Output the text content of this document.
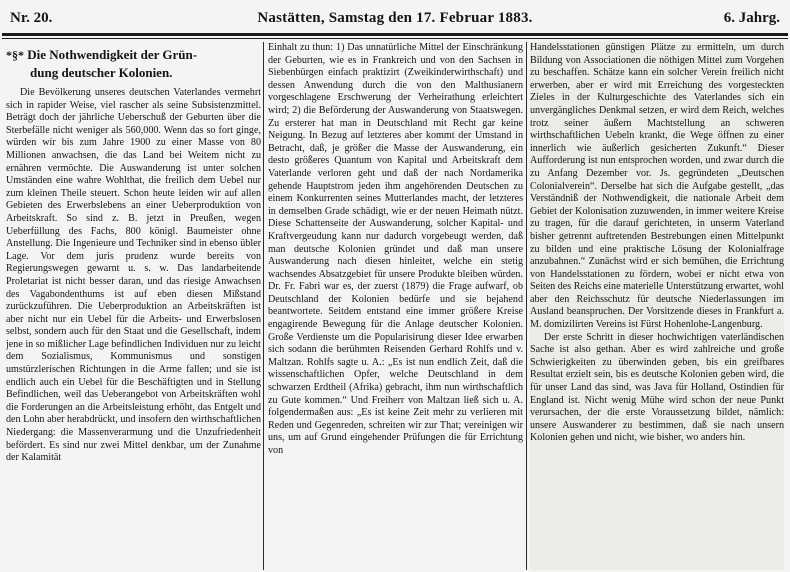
Nr. 20.	Nastätten, Samstag den 17. Februar 1883.	6. Jahrg.
*§* Die Nothwendigkeit der Grün-
dung deutscher Kolonien.

Die Bevölkerung unseres deutschen Vaterlandes vermehrt sich in rapider Weise, viel rascher als seine Subsistenzmittel. Beträgt doch der jährliche Ueberschuß der Geburten über die Sterbefälle nicht weniger als 560,000. Wenn das so fort ginge, würden wir bis zum Jahre 1900 zu einer Masse von 80 Millionen anwachsen, die das Land bei Weitem nicht zu ernähren vermöchte. Die Auswanderung ist unter solchen Umständen eine wahre Wohlthat, die freilich dem Uebel nur zum kleinen Theile steuert. Schon heute leiden wir auf allen Gebieten des Erwerbslebens an einer Ueberproduktion von Arbeitskraft. So sind z. B. jetzt in Preußen, wegen Ueberfüllung des Fachs, 800 königl. Baumeister ohne Anstellung. Die Ingenieure und Techniker sind in ebenso übler Lage. Vor dem juris prudenz wurde bereits von Regierungswegen gewarnt u. s. w. Das landarbeitende Proletariat ist nicht besser daran, und das riesige Anwachsen des Vagabondenthums ist auf eben diesen Mißstand zurückzuführen. Die Ueberproduktion an Arbeitskräften ist aber nicht nur ein Uebel für die Arbeits- und Erwerbslosen selbst, sondern auch für den Staat und die Gesellschaft, indem jene in so mißlicher Lage befindlichen Individuen nur zu leicht dem Sozialismus, Kommunismus und sonstigen umstürzlerischen Richtungen in die Arme fallen; und sie ist endlich auch ein Uebel für die Beschäftigten und in Stellung Befindlichen, weil das Ueberangebot von Arbeitskräften wohl die Forderungen an die Arbeitsleistung erhöht, das Entgelt und den Lohn aber herabdrückt, und insofern den wirthschaftlichen Niedergang: die Massenverarmung und die Unzufriedenheit befördert. Es sind nur zwei Mittel denkbar, um der Zunahme der Kalamität

Einhalt zu thun: 1) Das unnatürliche Mittel der Einschränkung der Geburten, wie es in Frankreich und von den Sachsen in Siebenbürgen einfach praktizirt (Zweikinderwirthschaft) und dessen Anwendung durch die von den Malthusianern vorgeschlagene Erschwerung der Verheirathung erleichtert wird; 2) die Beförderung der Auswanderung von Staatswegen. Zu ersterer hat man in Deutschland mit Recht gar keine Neigung. In Bezug auf letzteres aber kommt der Umstand in Betracht, daß, je größer die Masse der Auswanderung, ein desto größeres Quantum von Kapital und Arbeitskraft dem Vaterlande verloren geht und daß der nach Nordamerika gehende Hauptstrom jeden ihm angehörenden Deutschen zu einem Konkurrenten seines Mutterlandes macht, der letzteres in demselben Grade schädigt, wie er der neuen Heimath nützt. Diese Schattenseite der Auswanderung, solcher Kapital- und Kraftvergeudung kann nur dadurch vorgebeugt werden, daß man deutsche Kolonien gründet und daß man unsere Auswanderung nach diesen hinleitet, welche ein stetig wachsendes Absatzgebiet für unsere Produkte bleiben würden. Dr. Fr. Fabri war es, der zuerst (1879) die Frage aufwarf, ob Deutschland der Kolonien bedürfe und sie bejahend beantwortete. Seitdem entstand eine immer größere Kreise engagirende Bewegung für die Anlage deutscher Kolonien. Große Verdienste um die Popularisirung dieser Idee erwarben sich sodann die berühmten Reisenden Gerhard Rohlfs und v. Maltzan. Rohlfs sagte u. A.: „Es ist nun endlich Zeit, daß die wissenschaftlichen Opfer, welche Deutschland in dem schwarzen Erdtheil (Afrika) gebracht, ihm nun wirthschaftlich zu Gute kommen.“ Und Freiherr von Maltzan ließ sich u. A. folgendermaßen aus: „Es ist keine Zeit mehr zu verlieren mit Reden und Gegenreden, schreiten wir zur That; vereinigen wir uns, um auf Grund eingehender Prüfungen die für Errichtung von

Handelsstationen günstigen Plätze zu ermitteln, um durch Bildung von Associationen die nöthigen Mittel zum Vorgehen zu beschaffen. Schätze kann ein solcher Verein freilich nicht erwerben, aber er wird mit Erreichung des vorgesteckten Zieles in der Kulturgeschichte des Vaterlandes sich ein unvergängliches Denkmal setzen, er wird dem Reich, welches trotz seiner äußern Machtstellung an schweren wirthschaftlichen Uebeln krankt, die Wege öffnen zu einer innerlich wie äußerlich gesicherten Zukunft.“ Dieser Aufforderung ist nun entsprochen worden, und zwar durch die zu Anfang Dezember vor. Js. gegründeten „Deutschen Colonialverein“. Derselbe hat sich die Aufgabe gestellt, „das Verständniß der Nothwendigkeit, die nationale Arbeit dem Gebiet der Kolonisation zuzuwenden, in immer weitere Kreise zu tragen, für die darauf gerichteten, in unserm Vaterland bisher getrennt auftretenden Bestrebungen einen Mittelpunkt zu bilden und eine praktische Lösung der Kolonialfrage anzubahnen.“ Zunächst wird er sich bemühen, die Errichtung von Handelsstationen zu fördern, wobei er nicht etwa von Seiten des Reichs eine materielle Unterstützung erwartet, wohl aber den Reichsschutz für deutsche Niederlassungen im Ausland beanspruchen. Der Vorsitzende dieses in Frankfurt a. M. domizilirten Vereins ist Fürst Hohenlohe-Langenburg.

Der erste Schritt in dieser hochwichtigen vaterländischen Sache ist also gethan. Aber es wird zahlreiche und große Schwierigkeiten zu überwinden geben, bis ein greifbares Resultat erzielt sein, bis es deutsche Kolonien geben wird, die für unser Land das sind, was Java für Holland, Ostindien für England ist. Nicht wenig Mühe wird schon der neue Punkt verursachen, der die erste Voraussetzung bildet, nämlich: unsere Auswanderer zu bestimmen, daß sie nach unsern Kolonien gehen und nicht, wie bisher, wo anders hin.
